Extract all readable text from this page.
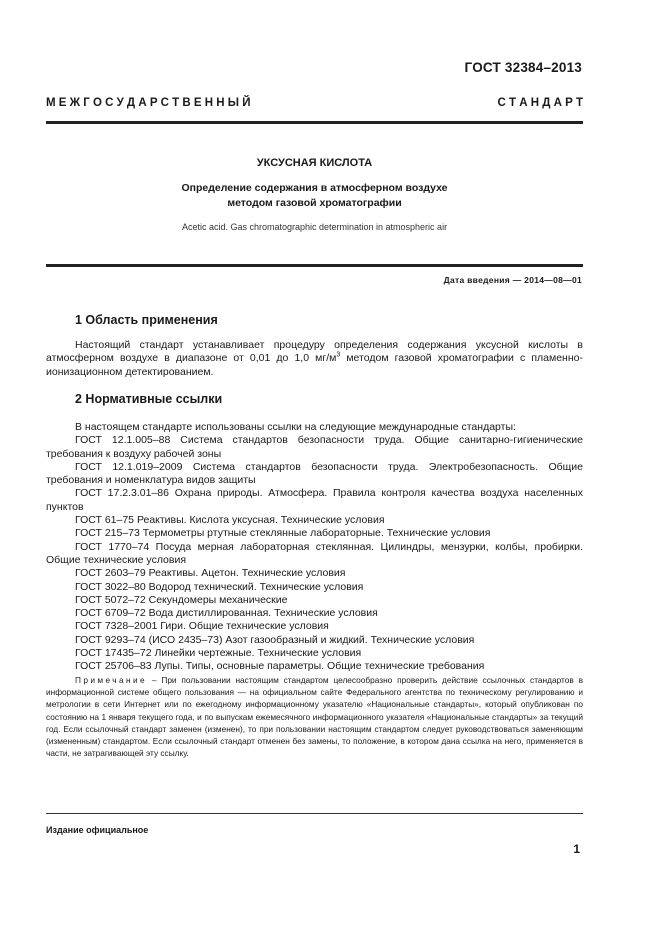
ГОСТ 32384–2013
М Е Ж Г О С У Д А Р С Т В Е Н Н Ы Й	С Т А Н Д А Р Т
УКСУСНАЯ КИСЛОТА
Определение содержания в атмосферном воздухе
методом газовой хроматографии
Acetic acid. Gas chromatographic determination in atmospheric air
Дата введения — 2014—08—01
1 Область применения

Настоящий стандарт устанавливает процедуру определения содержания уксусной кислоты в атмосферном воздухе в диапазоне от 0,01 до 1,0 $мг/м^3$ методом газовой хроматографии с пламенно-ионизационном детектированием.

2 Нормативные ссылки

В настоящем стандарте использованы ссылки на следующие международные стандарты:

ГОСТ 12.1.005–88 Система стандартов безопасности труда. Общие санитарно-гигиенические требования к воздуху рабочей зоны

ГОСТ 12.1.019–2009 Система стандартов безопасности труда. Электробезопасность. Общие требования и номенклатура видов защиты

ГОСТ 17.2.3.01–86 Охрана природы. Атмосфера. Правила контроля качества воздуха населенных пунктов

ГОСТ 61–75 Реактивы. Кислота уксусная. Технические условия

ГОСТ 215–73 Термометры ртутные стеклянные лабораторные. Технические условия

ГОСТ 1770–74 Посуда мерная лабораторная стеклянная. Цилиндры, мензурки, колбы, пробирки. Общие технические условия

ГОСТ 2603–79 Реактивы. Ацетон. Технические условия

ГОСТ 3022–80 Водород технический. Технические условия

ГОСТ 5072–72 Секундомеры механические

ГОСТ 6709–72 Вода дистиллированная. Технические условия

ГОСТ 7328–2001 Гири. Общие технические условия

ГОСТ 9293–74 (ИСО 2435–73) Азот газообразный и жидкий. Технические условия

ГОСТ 17435–72 Линейки чертежные. Технические условия

ГОСТ 25706–83 Лупы. Типы, основные параметры. Общие технические требования

Примечание – При пользовании настоящим стандартом целесообразно проверить действие ссылочных стандартов в информационной системе общего пользования — на официальном сайте Федерального агентства по техническому регулированию и метрологии в сети Интернет или по ежегодному информационному указателю «Национальные стандарты», который опубликован по состоянию на 1 января текущего года, и по выпускам ежемесячного информационного указателя «Национальные стандарты» за текущий год. Если ссылочный стандарт заменен (изменен), то при пользовании настоящим стандартом следует руководствоваться заменяющим (измененным) стандартом. Если ссылочный стандарт отменен без замены, то положение, в котором дана ссылка на него, применяется в части, не затрагивающей эту ссылку.

Издание официальное
1
